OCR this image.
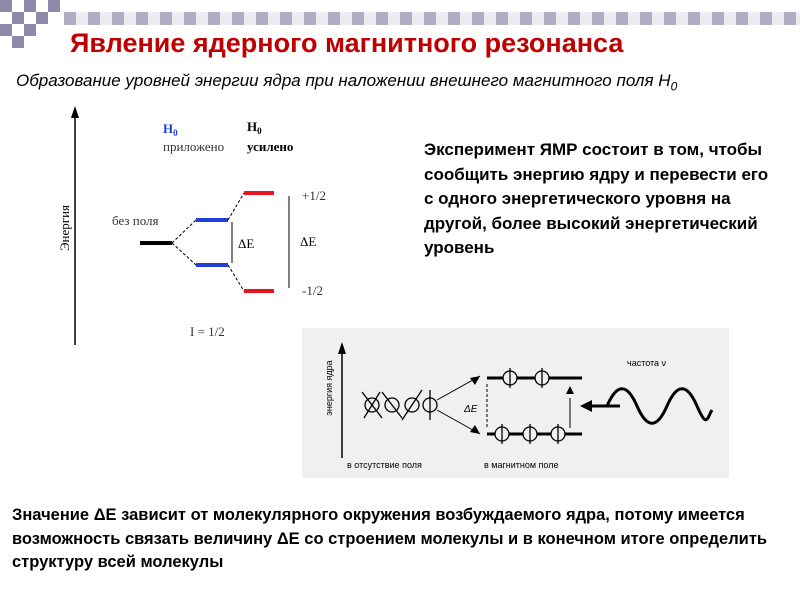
Явление ядерного магнитного резонанса
Образование уровней энергии ядра при наложении внешнего магнитного поля $Н_0$
Энергия
$H_0$
приложено
$H_0$
усилено
без поля
ΔE	ΔE
+1/2
-1/2
I = 1/2
Эксперимент ЯМР состоит в том, чтобы сообщить энергию ядру и перевести его с одного энергетического уровня на другой, более высокий энергетический уровень
энергия ядра	ΔE
частота ν
в отсутствие поля	в магнитном поле
Значение ΔЕ зависит от молекулярного окружения возбуждаемого ядра, потому имеется возможность связать величину ΔЕ со строением молекулы и в конечном итоге определить структуру всей молекулы
